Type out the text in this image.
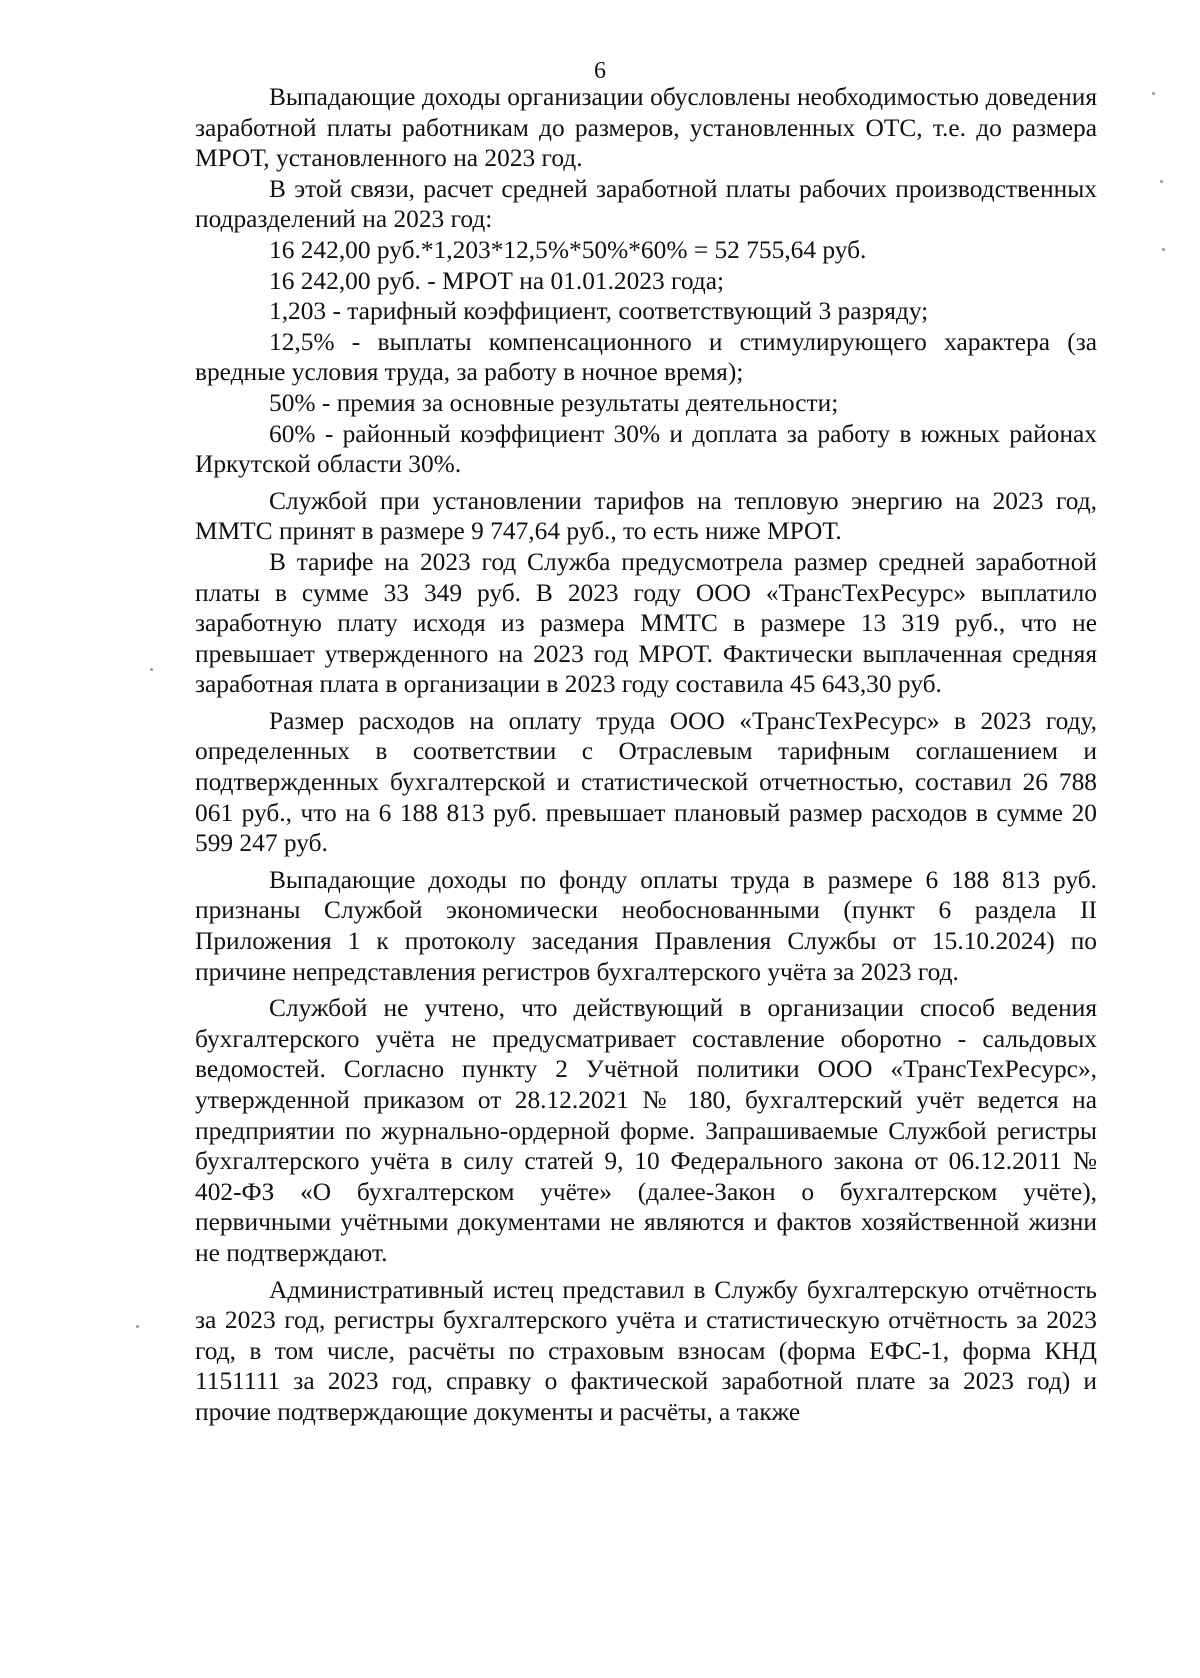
6

Выпадающие доходы организации обусловлены необходимостью доведения заработной платы работникам до размеров, установленных ОТС, т.е. до размера МРОТ, установленного на 2023 год.

В этой связи, расчет средней заработной платы рабочих производственных подразделений на 2023 год:

16 242,00 руб.*1,203*12,5%*50%*60% = 52 755,64 руб.

16 242,00 руб. - МРОТ на 01.01.2023 года;

1,203 - тарифный коэффициент, соответствующий 3 разряду;

12,5% - выплаты компенсационного и стимулирующего характера (за вредные условия труда, за работу в ночное время);

50% - премия за основные результаты деятельности;

60% - районный коэффициент 30% и доплата за работу в южных районах Иркутской области 30%.

Службой при установлении тарифов на тепловую энергию на 2023 год, ММТС принят в размере 9 747,64 руб., то есть ниже МРОТ.

В тарифе на 2023 год Служба предусмотрела размер средней заработной платы в сумме 33 349 руб. В 2023 году ООО «ТрансТехРесурс» выплатило заработную плату исходя из размера ММТС в размере 13 319 руб., что не превышает утвержденного на 2023 год МРОТ. Фактически выплаченная средняя заработная плата в организации в 2023 году составила 45 643,30 руб.

Размер расходов на оплату труда ООО «ТрансТехРесурс» в 2023 году, определенных в соответствии с Отраслевым тарифным соглашением и подтвержденных бухгалтерской и статистической отчетностью, составил 26 788 061 руб., что на 6 188 813 руб. превышает плановый размер расходов в сумме 20 599 247 руб.

Выпадающие доходы по фонду оплаты труда в размере 6 188 813 руб. признаны Службой экономически необоснованными (пункт 6 раздела II Приложения 1 к протоколу заседания Правления Службы от 15.10.2024) по причине непредставления регистров бухгалтерского учёта за 2023 год.

Службой не учтено, что действующий в организации способ ведения бухгалтерского учёта не предусматривает составление оборотно - сальдовых ведомостей. Согласно пункту 2 Учётной политики ООО «ТрансТехРесурс», утвержденной приказом от 28.12.2021 № 180, бухгалтерский учёт ведется на предприятии по журнально-ордерной форме. Запрашиваемые Службой регистры бухгалтерского учёта в силу статей 9, 10 Федерального закона от 06.12.2011 № 402-ФЗ «О бухгалтерском учёте» (далее-Закон о бухгалтерском учёте), первичными учётными документами не являются и фактов хозяйственной жизни не подтверждают.

Административный истец представил в Службу бухгалтерскую отчётность за 2023 год, регистры бухгалтерского учёта и статистическую отчётность за 2023 год, в том числе, расчёты по страховым взносам (форма ЕФС-1, форма КНД 1151111 за 2023 год, справку о фактической заработной плате за 2023 год) и прочие подтверждающие документы и расчёты, а также
